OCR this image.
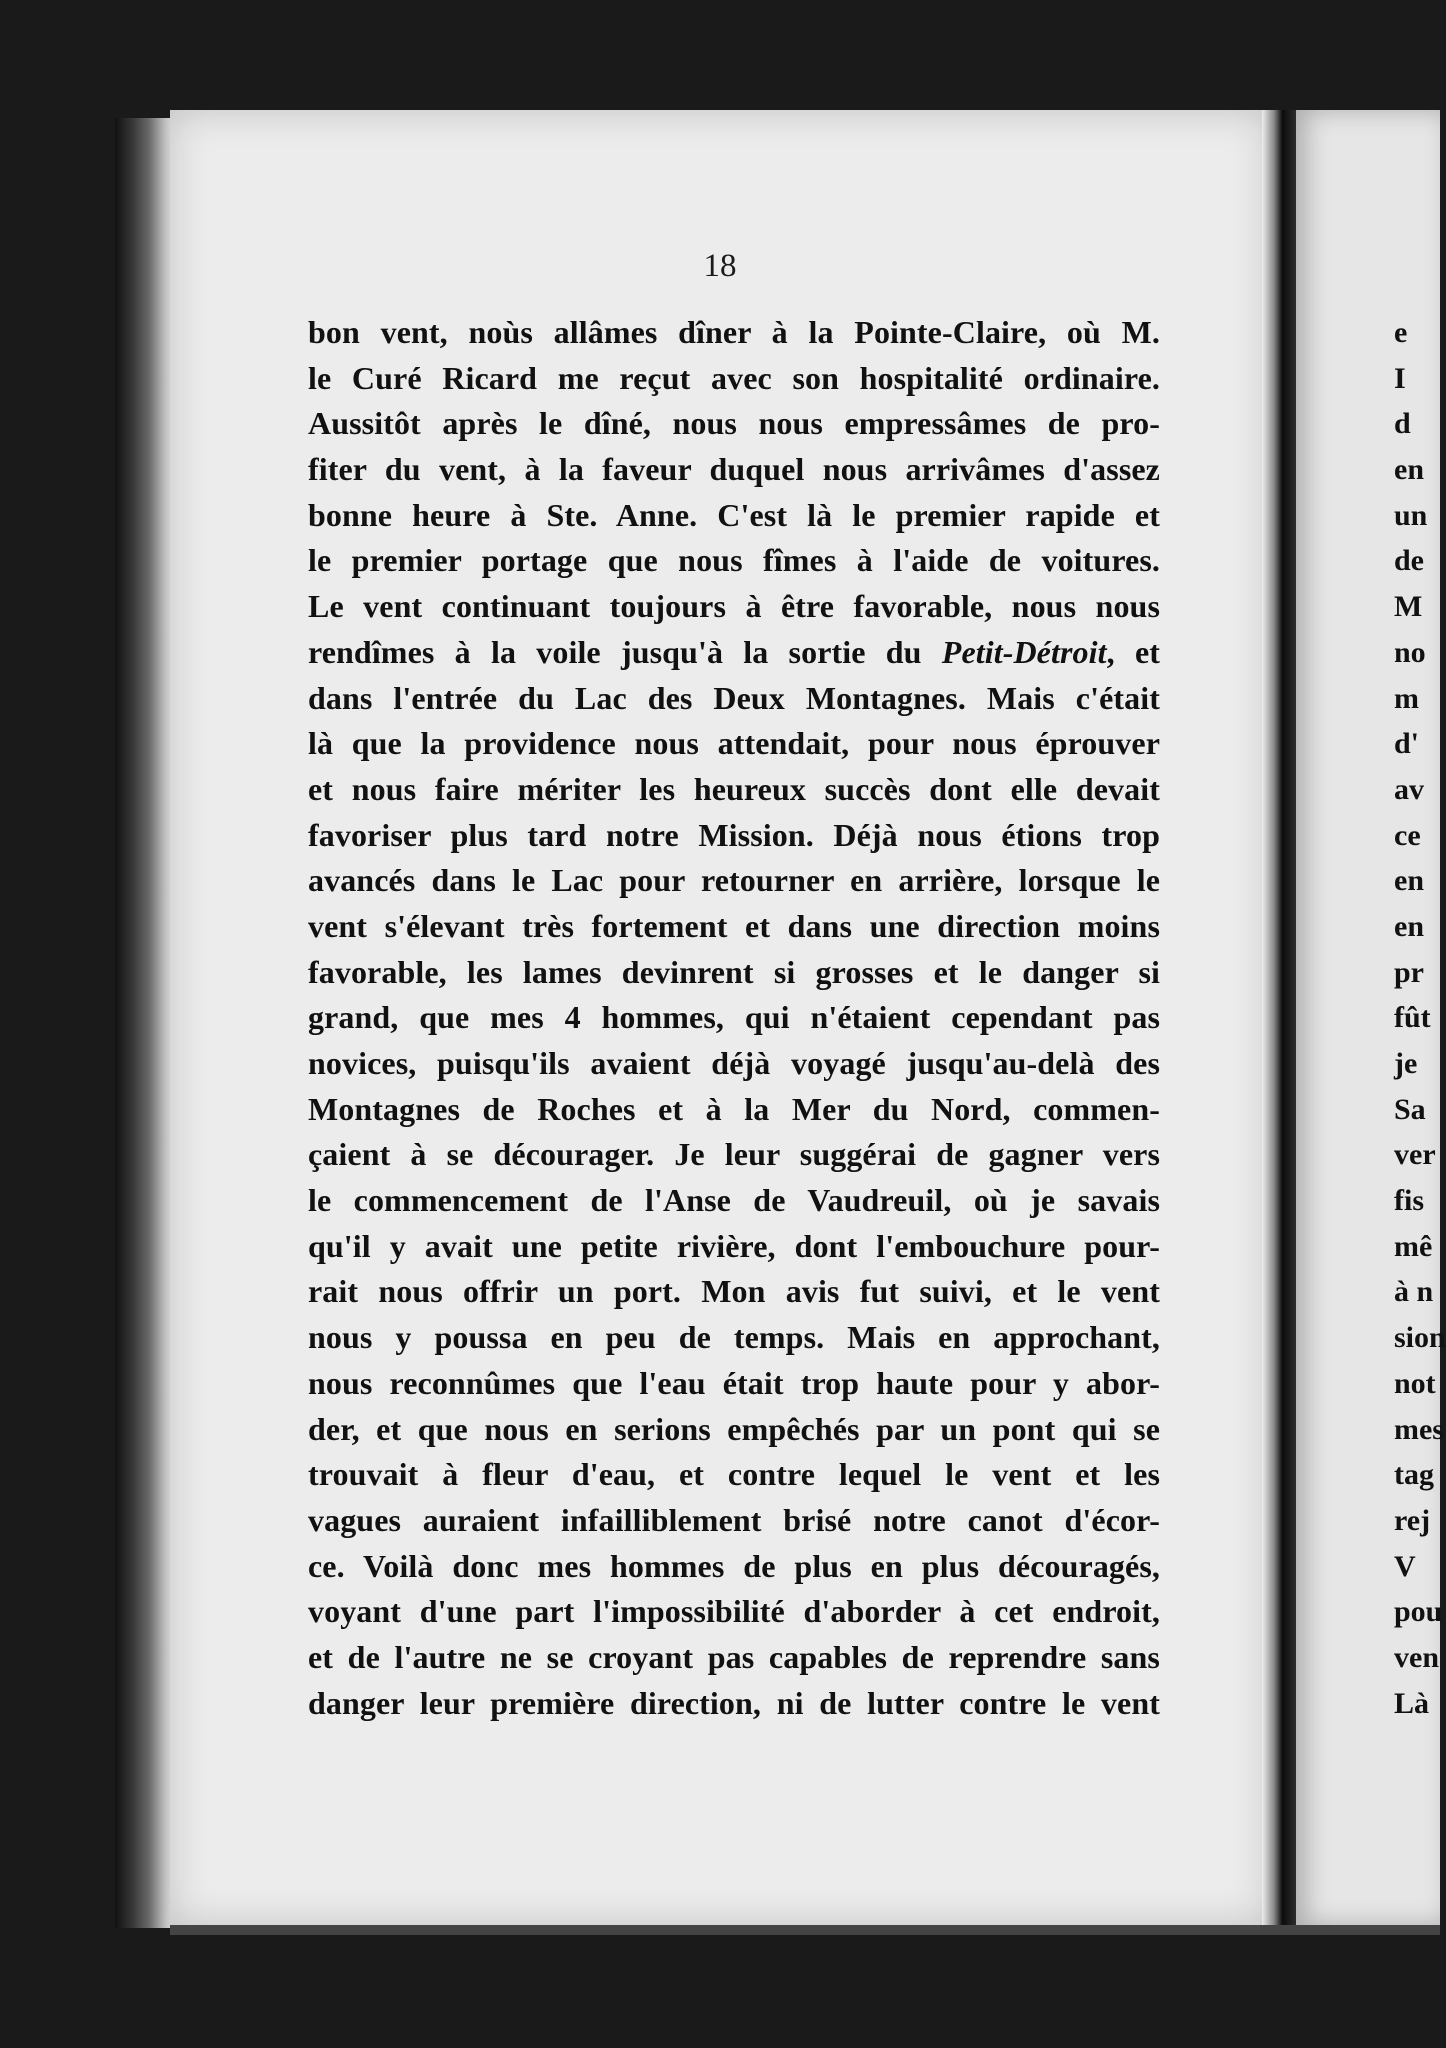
18
bon vent, noùs allâmes dîner à la Pointe-Claire, où M.
le Curé Ricard me reçut avec son hospitalité ordinaire.
Aussitôt après le dîné, nous nous empressâmes de pro-
fiter du vent, à la faveur duquel nous arrivâmes d'assez
bonne heure à Ste. Anne. C'est là le premier rapide et
le premier portage que nous fîmes à l'aide de voitures.
Le vent continuant toujours à être favorable, nous nous
rendîmes à la voile jusqu'à la sortie du Petit-Détroit, et
dans l'entrée du Lac des Deux Montagnes. Mais c'était
là que la providence nous attendait, pour nous éprouver
et nous faire mériter les heureux succès dont elle devait
favoriser plus tard notre Mission. Déjà nous étions trop
avancés dans le Lac pour retourner en arrière, lorsque le
vent s'élevant très fortement et dans une direction moins
favorable, les lames devinrent si grosses et le danger si
grand, que mes 4 hommes, qui n'étaient cependant pas
novices, puisqu'ils avaient déjà voyagé jusqu'au-delà des
Montagnes de Roches et à la Mer du Nord, commen-
çaient à se décourager. Je leur suggérai de gagner vers
le commencement de l'Anse de Vaudreuil, où je savais
qu'il y avait une petite rivière, dont l'embouchure pour-
rait nous offrir un port. Mon avis fut suivi, et le vent
nous y poussa en peu de temps. Mais en approchant,
nous reconnûmes que l'eau était trop haute pour y abor-
der, et que nous en serions empêchés par un pont qui se
trouvait à fleur d'eau, et contre lequel le vent et les
vagues auraient infailliblement brisé notre canot d'écor-
ce. Voilà donc mes hommes de plus en plus découragés,
voyant d'une part l'impossibilité d'aborder à cet endroit,
et de l'autre ne se croyant pas capables de reprendre sans
danger leur première direction, ni de lutter contre le vent
e
I
d
en
un
de
M
no
m
d'
av
ce
en
en
pr
fût
je
Sa
ver
fis
mê
à n
sion
not
mes
tag
rej
V
pou
ven
Là
